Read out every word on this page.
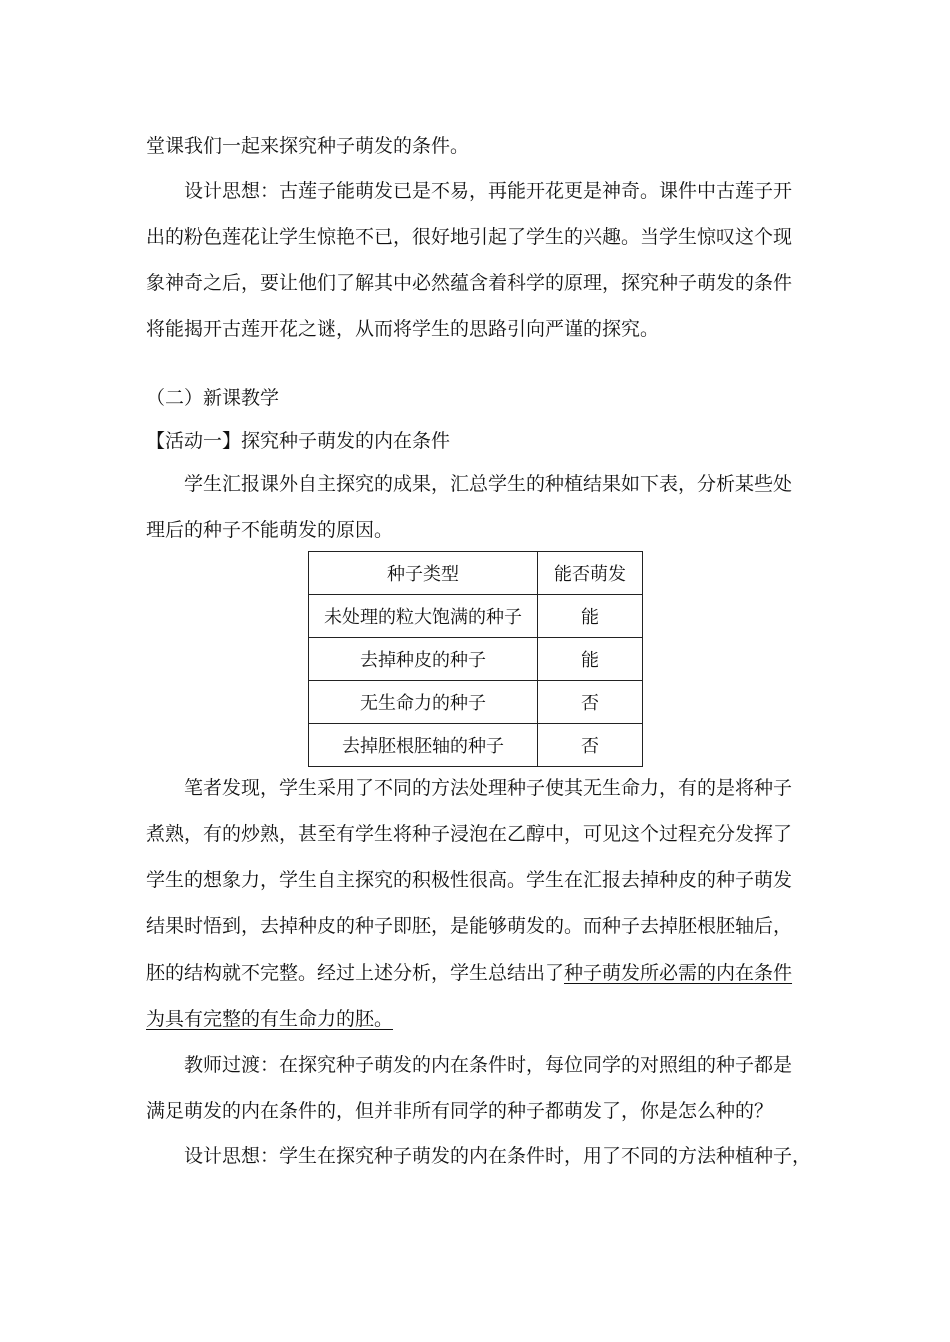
堂课我们一起来探究种子萌发的条件。
设计思想：古莲子能萌发已是不易，再能开花更是神奇。课件中古莲子开
出的粉色莲花让学生惊艳不已，很好地引起了学生的兴趣。当学生惊叹这个现
象神奇之后，要让他们了解其中必然蕴含着科学的原理，探究种子萌发的条件
将能揭开古莲开花之谜，从而将学生的思路引向严谨的探究。
（二）新课教学
【活动一】探究种子萌发的内在条件
学生汇报课外自主探究的成果，汇总学生的种植结果如下表，分析某些处
理后的种子不能萌发的原因。
种子类型	能否萌发
未处理的粒大饱满的种子	能
去掉种皮的种子	能
无生命力的种子	否
去掉胚根胚轴的种子	否
笔者发现，学生采用了不同的方法处理种子使其无生命力，有的是将种子
煮熟，有的炒熟，甚至有学生将种子浸泡在乙醇中，可见这个过程充分发挥了
学生的想象力，学生自主探究的积极性很高。学生在汇报去掉种皮的种子萌发
结果时悟到，去掉种皮的种子即胚，是能够萌发的。而种子去掉胚根胚轴后，
胚的结构就不完整。经过上述分析，学生总结出了种子萌发所必需的内在条件
为具有完整的有生命力的胚。
教师过渡：在探究种子萌发的内在条件时，每位同学的对照组的种子都是
满足萌发的内在条件的，但并非所有同学的种子都萌发了，你是怎么种的？
设计思想：学生在探究种子萌发的内在条件时，用了不同的方法种植种子，
